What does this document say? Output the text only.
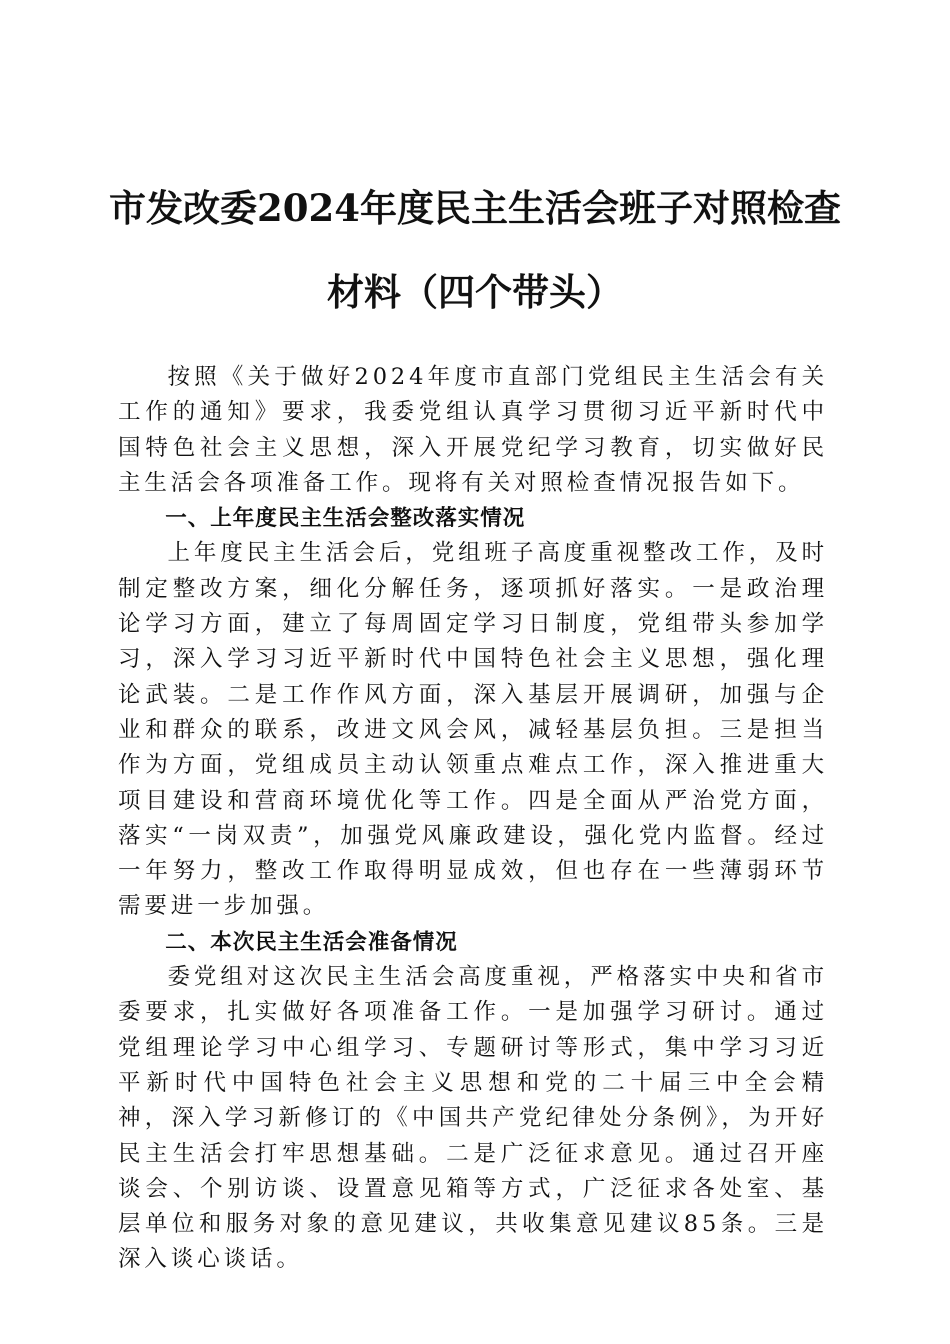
市发改委2024年度民主生活会班子对照检查
材料（四个带头）

按照《关于做好2024年度市直部门党组民主生活会有关工作的通知》要求，我委党组认真学习贯彻习近平新时代中国特色社会主义思想，深入开展党纪学习教育，切实做好民主生活会各项准备工作。现将有关对照检查情况报告如下。

一、上年度民主生活会整改落实情况

上年度民主生活会后，党组班子高度重视整改工作，及时制定整改方案，细化分解任务，逐项抓好落实。一是政治理论学习方面，建立了每周固定学习日制度，党组带头参加学习，深入学习习近平新时代中国特色社会主义思想，强化理论武装。二是工作作风方面，深入基层开展调研，加强与企业和群众的联系，改进文风会风，减轻基层负担。三是担当作为方面，党组成员主动认领重点难点工作，深入推进重大项目建设和营商环境优化等工作。四是全面从严治党方面，落实“一岗双责”，加强党风廉政建设，强化党内监督。经过一年努力，整改工作取得明显成效，但也存在一些薄弱环节需要进一步加强。

二、本次民主生活会准备情况

委党组对这次民主生活会高度重视，严格落实中央和省市委要求，扎实做好各项准备工作。一是加强学习研讨。通过党组理论学习中心组学习、专题研讨等形式，集中学习习近平新时代中国特色社会主义思想和党的二十届三中全会精神，深入学习新修订的《中国共产党纪律处分条例》，为开好民主生活会打牢思想基础。二是广泛征求意见。通过召开座谈会、个别访谈、设置意见箱等方式，广泛征求各处室、基层单位和服务对象的意见建议，共收集意见建议85条。三是深入谈心谈话。
